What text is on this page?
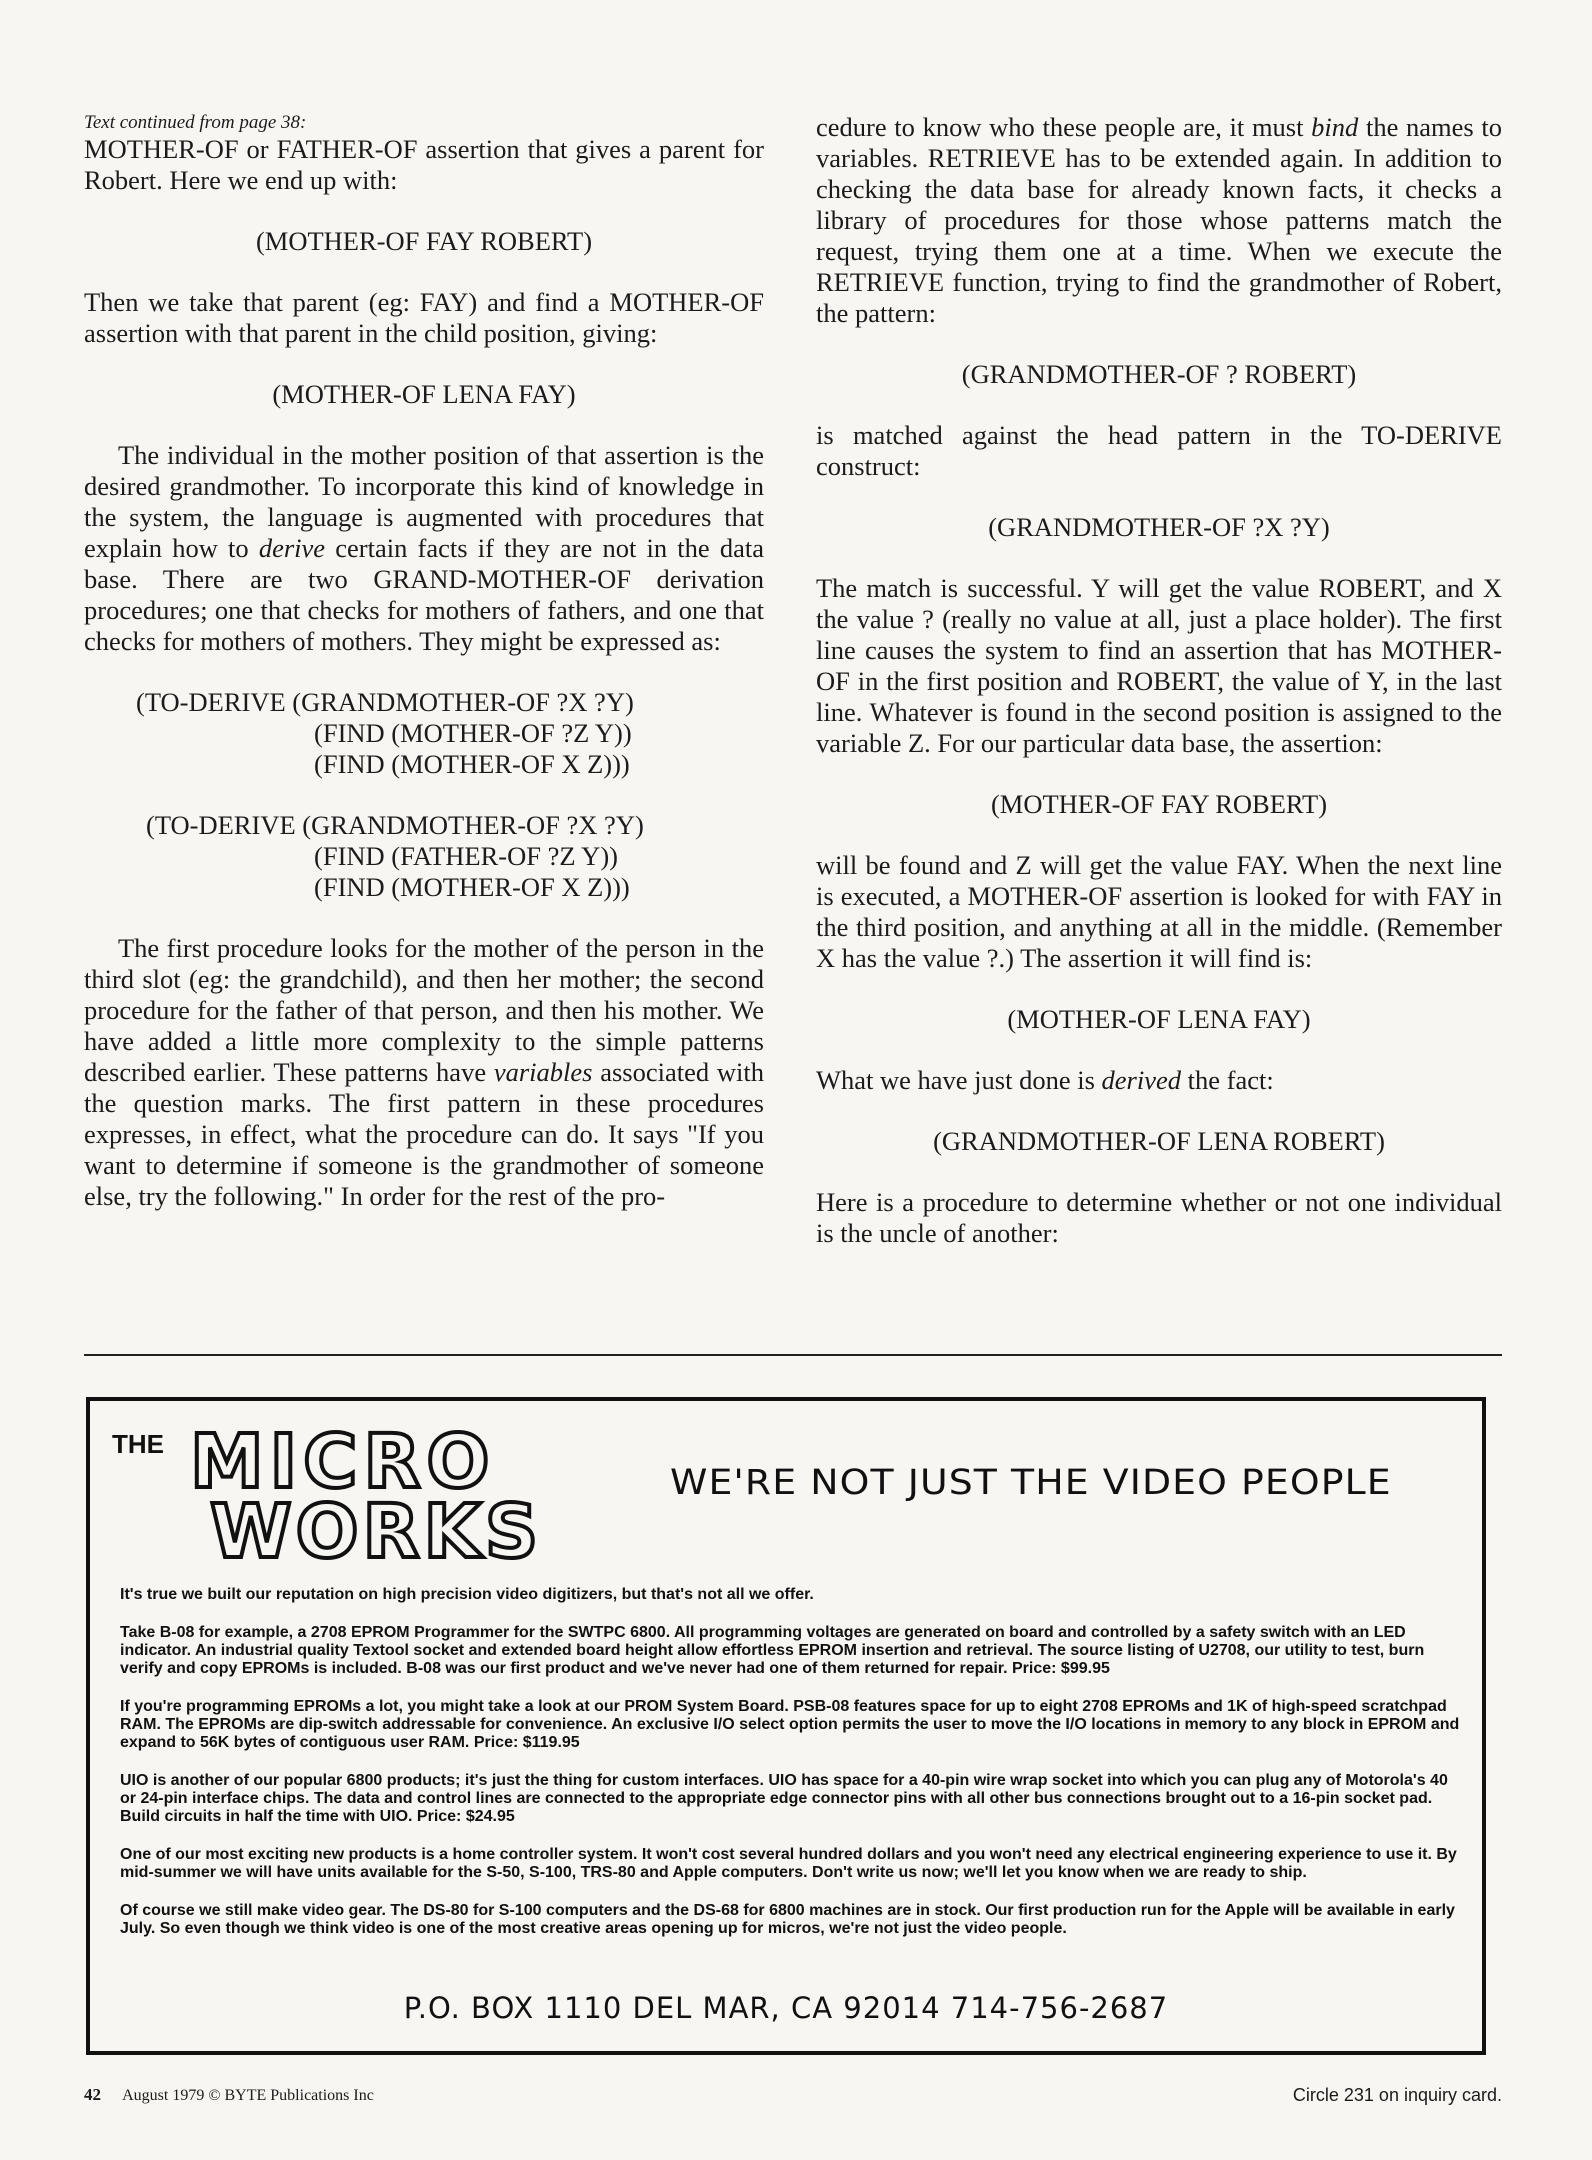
Text continued from page 38:

MOTHER-OF or FATHER-OF assertion that gives a parent for Robert. Here we end up with:

(MOTHER-OF FAY ROBERT)

Then we take that parent (eg: FAY) and find a MOTHER-OF assertion with that parent in the child position, giving:

(MOTHER-OF LENA FAY)

The individual in the mother position of that assertion is the desired grandmother. To incorporate this kind of knowledge in the system, the language is augmented with procedures that explain how to derive certain facts if they are not in the data base. There are two GRAND-MOTHER-OF derivation procedures; one that checks for mothers of fathers, and one that checks for mothers of mothers. They might be expressed as:

(TO-DERIVE (GRANDMOTHER-OF ?X ?Y)

(FIND (MOTHER-OF ?Z Y))

(FIND (MOTHER-OF X Z)))

(TO-DERIVE (GRANDMOTHER-OF ?X ?Y)

(FIND (FATHER-OF ?Z Y))

(FIND (MOTHER-OF X Z)))

The first procedure looks for the mother of the person in the third slot (eg: the grandchild), and then her mother; the second procedure for the father of that person, and then his mother. We have added a little more complexity to the simple patterns described earlier. These patterns have variables associated with the question marks. The first pattern in these procedures expresses, in effect, what the procedure can do. It says "If you want to determine if someone is the grandmother of someone else, try the following." In order for the rest of the pro-

cedure to know who these people are, it must bind the names to variables. RETRIEVE has to be extended again. In addition to checking the data base for already known facts, it checks a library of procedures for those whose patterns match the request, trying them one at a time. When we execute the RETRIEVE function, trying to find the grandmother of Robert, the pattern:

(GRANDMOTHER-OF ? ROBERT)

is matched against the head pattern in the TO-DERIVE construct:

(GRANDMOTHER-OF ?X ?Y)

The match is successful. Y will get the value ROBERT, and X the value ? (really no value at all, just a place holder). The first line causes the system to find an assertion that has MOTHER-OF in the first position and ROBERT, the value of Y, in the last line. Whatever is found in the second position is assigned to the variable Z. For our particular data base, the assertion:

(MOTHER-OF FAY ROBERT)

will be found and Z will get the value FAY. When the next line is executed, a MOTHER-OF assertion is looked for with FAY in the third position, and anything at all in the middle. (Remember X has the value ?.) The assertion it will find is:

(MOTHER-OF LENA FAY)

What we have just done is derived the fact:

(GRANDMOTHER-OF LENA ROBERT)

Here is a procedure to determine whether or not one individual is the uncle of another:

THE MICRO
WORKS
WE'RE NOT JUST THE VIDEO PEOPLE

It's true we built our reputation on high precision video digitizers, but that's not all we offer.

Take B-08 for example, a 2708 EPROM Programmer for the SWTPC 6800. All programming voltages are generated on board and controlled by a safety switch with an LED indicator. An industrial quality Textool socket and extended board height allow effortless EPROM insertion and retrieval. The source listing of U2708, our utility to test, burn verify and copy EPROMs is included. B-08 was our first product and we've never had one of them returned for repair. Price: $99.95

If you're programming EPROMs a lot, you might take a look at our PROM System Board. PSB-08 features space for up to eight 2708 EPROMs and 1K of high-speed scratchpad RAM. The EPROMs are dip-switch addressable for convenience. An exclusive I/O select option permits the user to move the I/O locations in memory to any block in EPROM and expand to 56K bytes of contiguous user RAM. Price: $119.95

UIO is another of our popular 6800 products; it's just the thing for custom interfaces. UIO has space for a 40-pin wire wrap socket into which you can plug any of Motorola's 40 or 24-pin interface chips. The data and control lines are connected to the appropriate edge connector pins with all other bus connections brought out to a 16-pin socket pad. Build circuits in half the time with UIO. Price: $24.95

One of our most exciting new products is a home controller system. It won't cost several hundred dollars and you won't need any electrical engineering experience to use it. By mid-summer we will have units available for the S-50, S-100, TRS-80 and Apple computers. Don't write us now; we'll let you know when we are ready to ship.

Of course we still make video gear. The DS-80 for S-100 computers and the DS-68 for 6800 machines are in stock. Our first production run for the Apple will be available in early July. So even though we think video is one of the most creative areas opening up for micros, we're not just the video people.

P.O. BOX 1110 DEL MAR, CA 92014 714-756-2687
42 August 1979 © BYTE Publications Inc	Circle 231 on inquiry card.
